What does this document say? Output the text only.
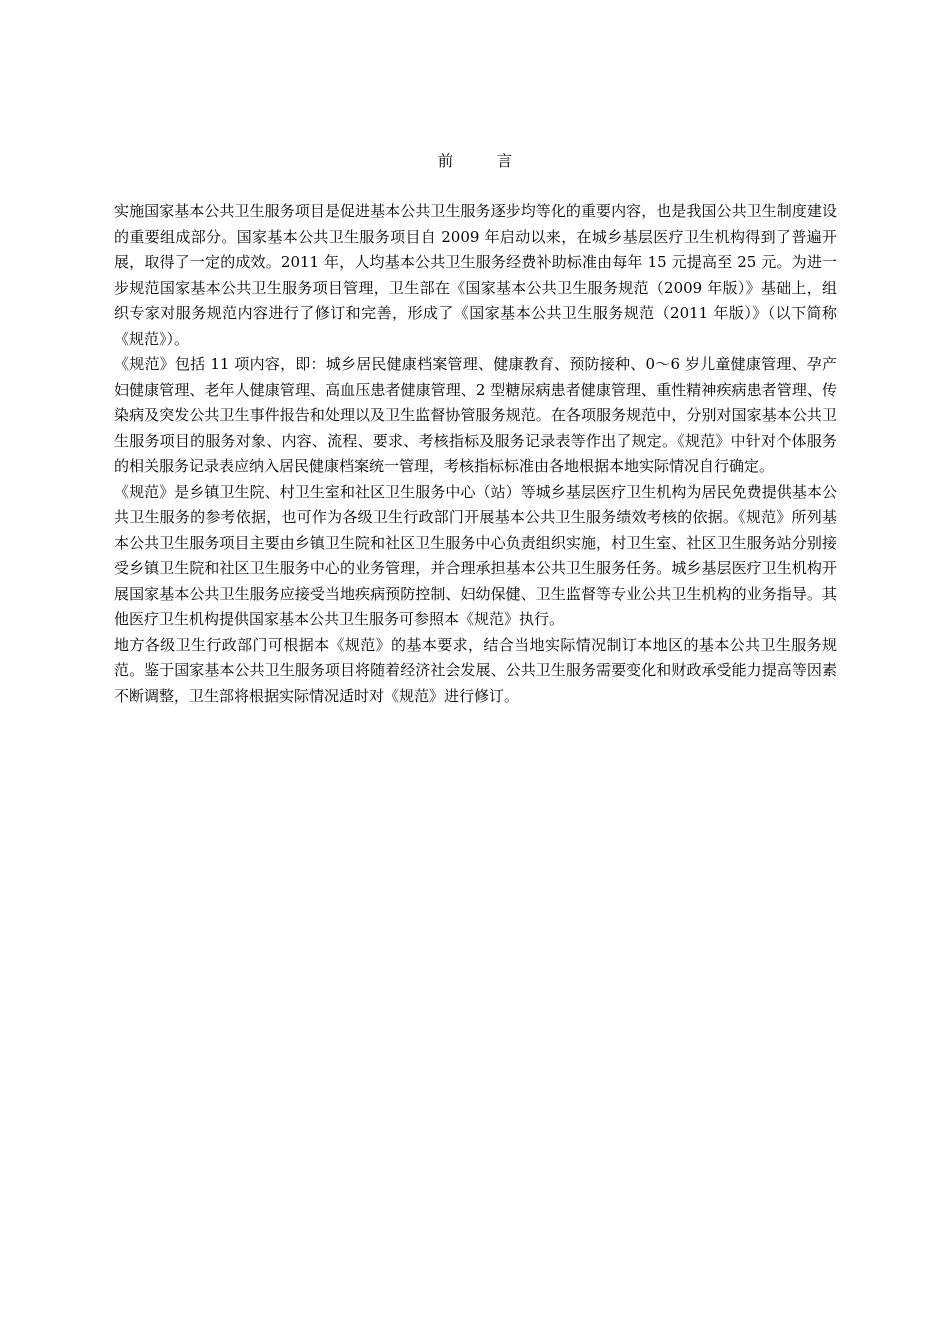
前　言

实施国家基本公共卫生服务项目是促进基本公共卫生服务逐步均等化的重要内容，也是我国公共卫生制度建设的重要组成部分。国家基本公共卫生服务项目自 2009 年启动以来，在城乡基层医疗卫生机构得到了普遍开展，取得了一定的成效。2011 年，人均基本公共卫生服务经费补助标准由每年 15 元提高至 25 元。为进一步规范国家基本公共卫生服务项目管理，卫生部在《国家基本公共卫生服务规范（2009 年版）》基础上，组织专家对服务规范内容进行了修订和完善，形成了《国家基本公共卫生服务规范（2011 年版）》（以下简称《规范》）。

《规范》包括 11 项内容，即：城乡居民健康档案管理、健康教育、预防接种、0～6 岁儿童健康管理、孕产妇健康管理、老年人健康管理、高血压患者健康管理、2 型糖尿病患者健康管理、重性精神疾病患者管理、传染病及突发公共卫生事件报告和处理以及卫生监督协管服务规范。在各项服务规范中，分别对国家基本公共卫生服务项目的服务对象、内容、流程、要求、考核指标及服务记录表等作出了规定。《规范》中针对个体服务的相关服务记录表应纳入居民健康档案统一管理，考核指标标准由各地根据本地实际情况自行确定。

《规范》是乡镇卫生院、村卫生室和社区卫生服务中心（站）等城乡基层医疗卫生机构为居民免费提供基本公共卫生服务的参考依据，也可作为各级卫生行政部门开展基本公共卫生服务绩效考核的依据。《规范》所列基本公共卫生服务项目主要由乡镇卫生院和社区卫生服务中心负责组织实施，村卫生室、社区卫生服务站分别接受乡镇卫生院和社区卫生服务中心的业务管理，并合理承担基本公共卫生服务任务。城乡基层医疗卫生机构开展国家基本公共卫生服务应接受当地疾病预防控制、妇幼保健、卫生监督等专业公共卫生机构的业务指导。其他医疗卫生机构提供国家基本公共卫生服务可参照本《规范》执行。

地方各级卫生行政部门可根据本《规范》的基本要求，结合当地实际情况制订本地区的基本公共卫生服务规范。鉴于国家基本公共卫生服务项目将随着经济社会发展、公共卫生服务需要变化和财政承受能力提高等因素不断调整，卫生部将根据实际情况适时对《规范》进行修订。
